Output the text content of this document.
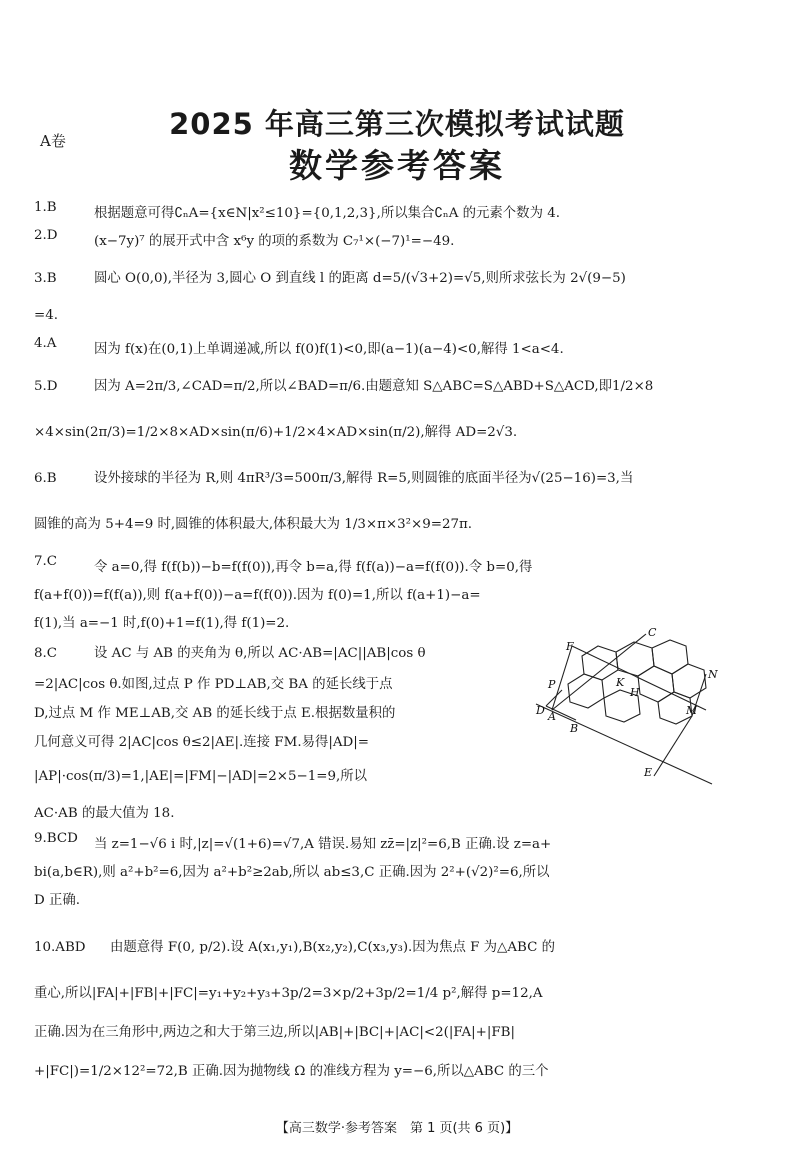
A卷	2025 年高三第三次模拟考试试题
数学参考答案
1.B	根据题意可得∁ₙA={x∈N|x²≤10}={0,1,2,3},所以集合∁ₙA 的元素个数为 4.
2.D	(x−7y)⁷ 的展开式中含 x⁶y 的项的系数为 C₇¹×(−7)¹=−49.
3.B	圆心 O(0,0),半径为 3,圆心 O 到直线 l 的距离 d=5/(√3+2)=√5,则所求弦长为 2√(9−5)
=4.
4.A	因为 f(x)在(0,1)上单调递减,所以 f(0)f(1)<0,即(a−1)(a−4)<0,解得 1<a<4.
5.D	因为 A=2π/3,∠CAD=π/2,所以∠BAD=π/6.由题意知 S△ABC=S△ABD+S△ACD,即1/2×8
×4×sin(2π/3)=1/2×8×AD×sin(π/6)+1/2×4×AD×sin(π/2),解得 AD=2√3.
6.B	设外接球的半径为 R,则 4πR³/3=500π/3,解得 R=5,则圆锥的底面半径为√(25−16)=3,当
圆锥的高为 5+4=9 时,圆锥的体积最大,体积最大为 1/3×π×3²×9=27π.
7.C	令 a=0,得 f(f(b))−b=f(f(0)),再令 b=a,得 f(f(a))−a=f(f(0)).令 b=0,得
f(a+f(0))=f(f(a)),则 f(a+f(0))−a=f(f(0)).因为 f(0)=1,所以 f(a+1)−a=
f(1),当 a=−1 时,f(0)+1=f(1),得 f(1)=2.
8.C	设 AC 与 AB 的夹角为 θ,所以 AC·AB=|AC||AB|cos θ
=2|AC|cos θ.如图,过点 P 作 PD⊥AB,交 BA 的延长线于点
D,过点 M 作 ME⊥AB,交 AB 的延长线于点 E.根据数量积的
几何意义可得 2|AC|cos θ≤2|AE|.连接 FM.易得|AD|=
|AP|·cos(π/3)=1,|AE|=|FM|−|AD|=2×5−1=9,所以
AC·AB 的最大值为 18.
9.BCD	当 z=1−√6 i 时,|z|=√(1+6)=√7,A 错误.易知 zz̄=|z|²=6,B 正确.设 z=a+
bi(a,b∈R),则 a²+b²=6,因为 a²+b²≥2ab,所以 ab≤3,C 正确.因为 2²+(√2)²=6,所以
D 正确.
10.ABD	由题意得 F(0, p/2).设 A(x₁,y₁),B(x₂,y₂),C(x₃,y₃).因为焦点 F 为△ABC 的
重心,所以|FA|+|FB|+|FC|=y₁+y₂+y₃+3p/2=3×p/2+3p/2=1/4 p²,解得 p=12,A
正确.因为在三角形中,两边之和大于第三边,所以|AB|+|BC|+|AC|<2(|FA|+|FB|
+|FC|)=1/2×12²=72,B 正确.因为抛物线 Ω 的准线方程为 y=−6,所以△ABC 的三个
C
F
N
P	K
H
D A	M
B
E
【高三数学·参考答案　第 1 页(共 6 页)】
